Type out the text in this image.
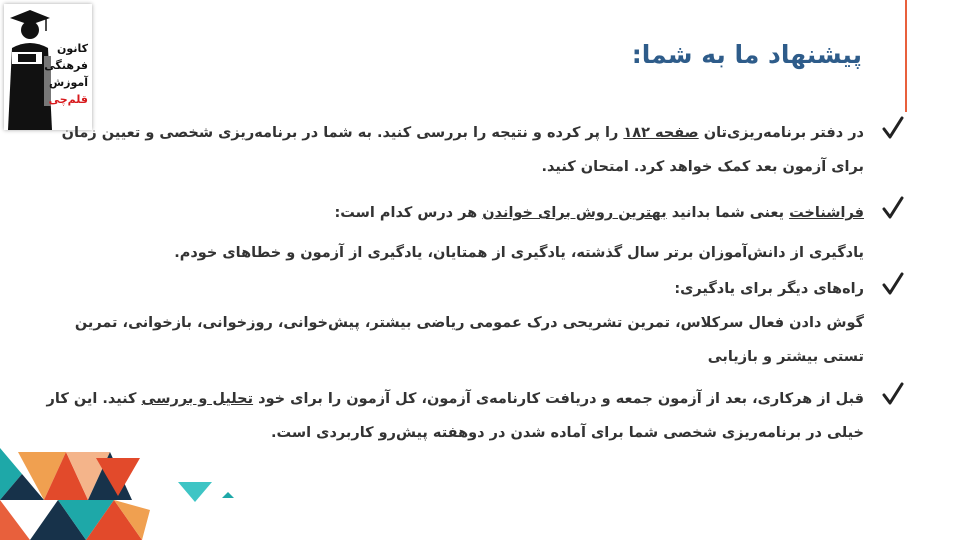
کانون
فرهنگی
آموزش
قلم‌چی
پیشنهاد ما به شما:
در دفتر برنامه‌ریزی‌تان صفحه ۱۸۲ را پر کرده و نتیجه را بررسی کنید. به شما در برنامه‌ریزی شخصی و تعیین زمان برای آزمون بعد کمک خواهد کرد. امتحان کنید.
فراشناخت یعنی شما بدانید بهترین روش برای خواندن هر درس کدام است:
یادگیری از دانش‌آموزان برتر سال گذشته، یادگیری از همتایان، یادگیری از آزمون و خطاهای خودم.
راه‌های دیگر برای یادگیری:
گوش دادن فعال سرکلاس، تمرین تشریحی درک عمومی ریاضی بیشتر، پیش‌خوانی، روزخوانی، بازخوانی، تمرین تستی بیشتر و بازیابی
قبل از هرکاری، بعد از آزمون جمعه و دریافت کارنامه‌ی آزمون، کل آزمون را برای خود تحلیل و بررسی کنید. این کار خیلی در برنامه‌ریزی شخصی شما برای آماده شدن در دوهفته پیش‌رو کاربردی است.
